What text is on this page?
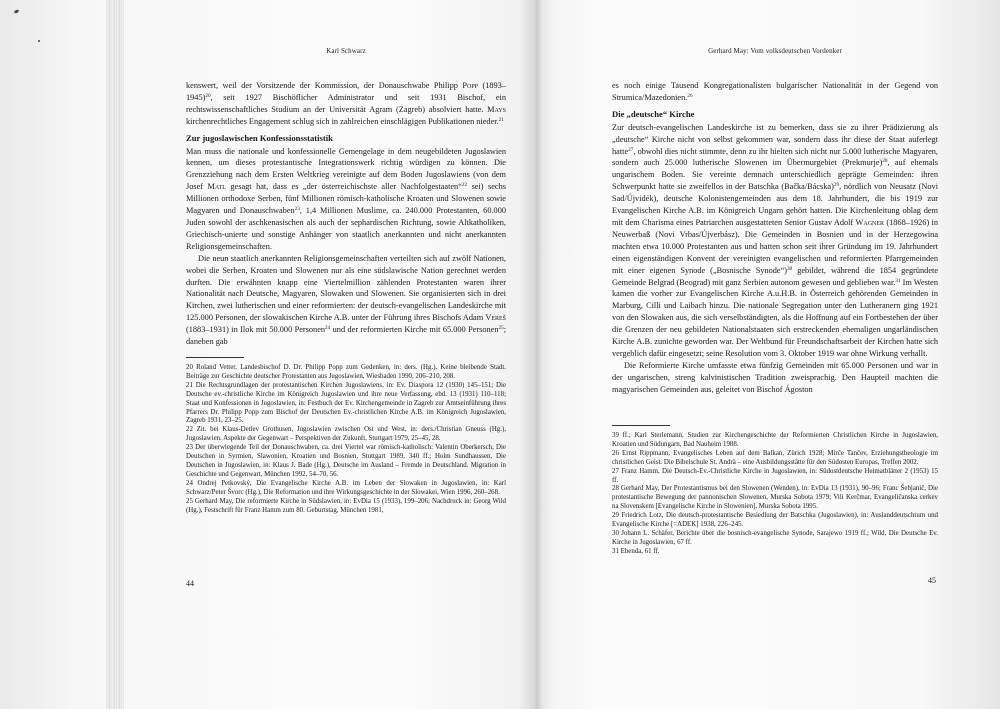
Karl Schwarz

kenswert, weil der Vorsitzende der Kommission, der Donauschwabe Philipp Popp (1893–1945)$^{20}$, seit 1927 Bischöflicher Administrator und seit 1931 Bischof, ein rechtswissenschaftliches Studium an der Universität Agram (Zagreb) absolviert hatte. Mays kirchenrechtliches Engagement schlug sich in zahlreichen einschlägigen Publikationen nieder.$^{21}$

Zur jugoslawischen Konfessionsstatistik

Man muss die nationale und konfessionelle Gemengelage in dem neugebildeten Jugoslawien kennen, um dieses protestantische Integrationswerk richtig würdigen zu können. Die Grenzziehung nach dem Ersten Weltkrieg vereinigte auf dem Boden Jugoslawiens (von dem Josef Matl gesagt hat, dass es „der österreichischste aller Nachfolgestaaten“$^{22}$ sei) sechs Millionen orthodoxe Serben, fünf Millionen römisch-katholische Kroaten und Slowenen sowie Magyaren und Donauschwaben$^{23}$, 1,4 Millionen Muslime, ca. 240.000 Protestanten, 60.000 Juden sowohl der aschkenasischen als auch der sephardischen Richtung, sowie Altkatholiken, Griechisch-unierte und sonstige Anhänger von staatlich anerkannten und nicht anerkannten Religionsgemeinschaften.

Die neun staatlich anerkannten Religionsgemeinschaften verteilten sich auf zwölf Nationen, wobei die Serben, Kroaten und Slowenen nur als eine südslawische Nation gerechnet werden durften. Die erwähnten knapp eine Viertelmillion zählenden Protestanten waren ihrer Nationalität nach Deutsche, Magyaren, Slowaken und Slowenen. Sie organisierten sich in drei Kirchen, zwei lutherischen und einer reformierten: der deutsch-evangelischen Landeskirche mit 125.000 Personen, der slowakischen Kirche A.B. unter der Führung ihres Bischofs Adam Vereš (1883–1931) in Ilok mit 50.000 Personen$^{24}$ und der reformierten Kirche mit 65.000 Personen$^{25}$; daneben gab

20 Roland Vetter, Landesbischof D. Dr. Philipp Popp zum Gedenken, in: ders. (Hg.), Keine bleibende Stadt. Beiträge zur Geschichte deutscher Protestanten aus Jugoslawien, Wiesbaden 1990, 206–210, 208.

21 Die Rechtsgrundlagen der protestantischen Kirchen Jugoslawiens, in: Ev. Diaspora 12 (1930) 145–151; Die Deutsche ev.-christliche Kirche im Königreich Jugoslawien und ihre neue Verfassung, ebd. 13 (1931) 110–118; Staat und Konfessionen in Jugoslawien, in: Festbuch der Ev. Kirchengemeinde in Zagreb zur Amtseinführung ihres Pfarrers Dr. Philipp Popp zum Bischof der Deutschen Ev.-christlichen Kirche A.B. im Königreich Jugoslawien, Zagreb 1931, 23–25.

22 Zit. bei Klaus-Detlev Grothusen, Jugoslawien zwischen Ost und West, in: ders./Christian Gneuss (Hg.), Jugoslawien. Aspekte der Gegenwart – Perspektiven der Zukunft, Stuttgart 1979, 25–45, 28.

23 Der überwiegende Teil der Donauschwaben, ca. drei Viertel war römisch-katholisch: Valentin Oberkersch, Die Deutschen in Syrmien, Slawonien, Kroatien und Bosnien, Stuttgart 1989, 340 ff.; Holm Sundhaussen, Die Deutschen in Jugoslawien, in: Klaus J. Bade (Hg.), Deutsche im Ausland – Fremde in Deutschland. Migration in Geschichte und Gegenwart, München 1992, 54–70, 56.

24 Ondrej Petkovský, Die Evangelische Kirche A.B. im Leben der Slowaken in Jugoslawien, in: Karl Schwarz/Peter Švorc (Hg.), Die Reformation und ihre Wirkungsgeschichte in der Slowakei, Wien 1996, 260–268.

25 Gerhard May, Die reformierte Kirche in Südslawien, in: EvDia 15 (1933), 199–206; Nachdruck in: Georg Wild (Hg.), Festschrift für Franz Hamm zum 80. Geburtstag, München 1981,

44
Gerhard May: Vom volksdeutschen Vordenker

es noch einige Tausend Kongregationalisten bulgarischer Nationalität in der Gegend von Strumica/Mazedonien.$^{26}$

Die „deutsche“ Kirche

Zur deutsch-evangelischen Landeskirche ist zu bemerken, dass sie zu ihrer Prädizierung als „deutsche“ Kirche nicht von selbst gekommen war, sondern dass ihr diese der Staat auferlegt hatte$^{27}$, obwohl dies nicht stimmte, denn zu ihr hielten sich nicht nur 5.000 lutherische Magyaren, sondern auch 25.000 lutherische Slowenen im Übermurgebiet (Prekmurje)$^{28}$, auf ehemals ungarischem Boden. Sie vereinte demnach unterschiedlich geprägte Gemeinden: ihren Schwerpunkt hatte sie zweifellos in der Batschka (Bačka/Bácska)$^{29}$, nördlich von Neusatz (Novi Sad/Újvidék), deutsche Kolonistengemeinden aus dem 18. Jahrhundert, die bis 1919 zur Evangelischen Kirche A.B. im Königreich Ungarn gehört hatten. Die Kirchenleitung oblag dem mit dem Charisma eines Patriarchen ausgestatteten Senior Gustav Adolf Wagner (1868–1926) in Neuwerbaß (Novi Vrbas/Újverbász). Die Gemeinden in Bosnien und in der Herzegowina machten etwa 10.000 Protestanten aus und hatten schon seit ihrer Gründung im 19. Jahrhundert einen eigenständigen Konvent der vereinigten evangelischen und reformierten Pfarrgemeinden mit einer eigenen Synode („Bosnische Synode“)$^{30}$ gebildet, während die 1854 gegründete Gemeinde Belgrad (Beograd) mit ganz Serbien autonom gewesen und geblieben war.$^{31}$ Im Westen kamen die vorher zur Evangelischen Kirche A.u.H.B. in Österreich gehörenden Gemeinden in Marburg, Cilli und Laibach hinzu. Die nationale Segregation unter den Lutheranern ging 1921 von den Slowaken aus, die sich verselbständigten, als die Hoffnung auf ein Fortbestehen der über die Grenzen der neu gebildeten Nationalstaaten sich erstreckenden ehemaligen ungarländischen Kirche A.B. zunichte geworden war. Der Weltbund für Freundschaftsarbeit der Kirchen hatte sich vergeblich dafür eingesetzt; seine Resolution vom 3. Oktober 1919 war ohne Wirkung verhallt.

Die Reformierte Kirche umfasste etwa fünfzig Gemeinden mit 65.000 Personen und war in der ungarischen, streng kalvinistischen Tradition zweisprachig. Den Haupteil machten die magyarischen Gemeinden aus, geleitet von Bischof Ágoston

39 ff.; Karl Sterlemann, Studien zur Kirchengeschichte der Reformierten Christlichen Kirche in Jugoslawien, Kroatien und Südungarn, Bad Nauheim 1988.

26 Ernst Rippmann, Evangelisches Leben auf dem Balkan, Zürich 1928; Mirče Tančev, Erziehungstheologie im christlichen Geist. Die Bibelschule St. Andrä – eine Ausbildungsstätte für den Südosten Europas, Treffen 2002.

27 Franz Hamm, Die Deutsch-Ev.-Christliche Kirche in Jugoslawien, in: Südostdeutsche Heimatblätter 2 (1953) 15 ff.

28 Gerhard May, Der Protestantismus bei den Slowenen (Wenden), in: EvDia 13 (1931), 90–96; Franc Šebjanič, Die protestantische Bewegung der pannonischen Slowenen, Murska Sobota 1979; Vili Kerčmar, Evangeličanska cerkev na Slovenskem [Evangelische Kirche in Slowenien], Murska Sobota 1995.

29 Friedrich Lotz, Die deutsch-protestantische Besiedlung der Batschka (Jugoslawien), in: Auslanddeutschtum und Evangelische Kirche [=ADEK] 1938, 226–245.

30 Johann L. Schäfer, Berichte über die bosnisch-evangelische Synode, Sarajewo 1919 ff.; Wild, Die Deutsche Ev. Kirche in Jugoslawien, 67 ff.

31 Ebenda, 61 ff.

45
